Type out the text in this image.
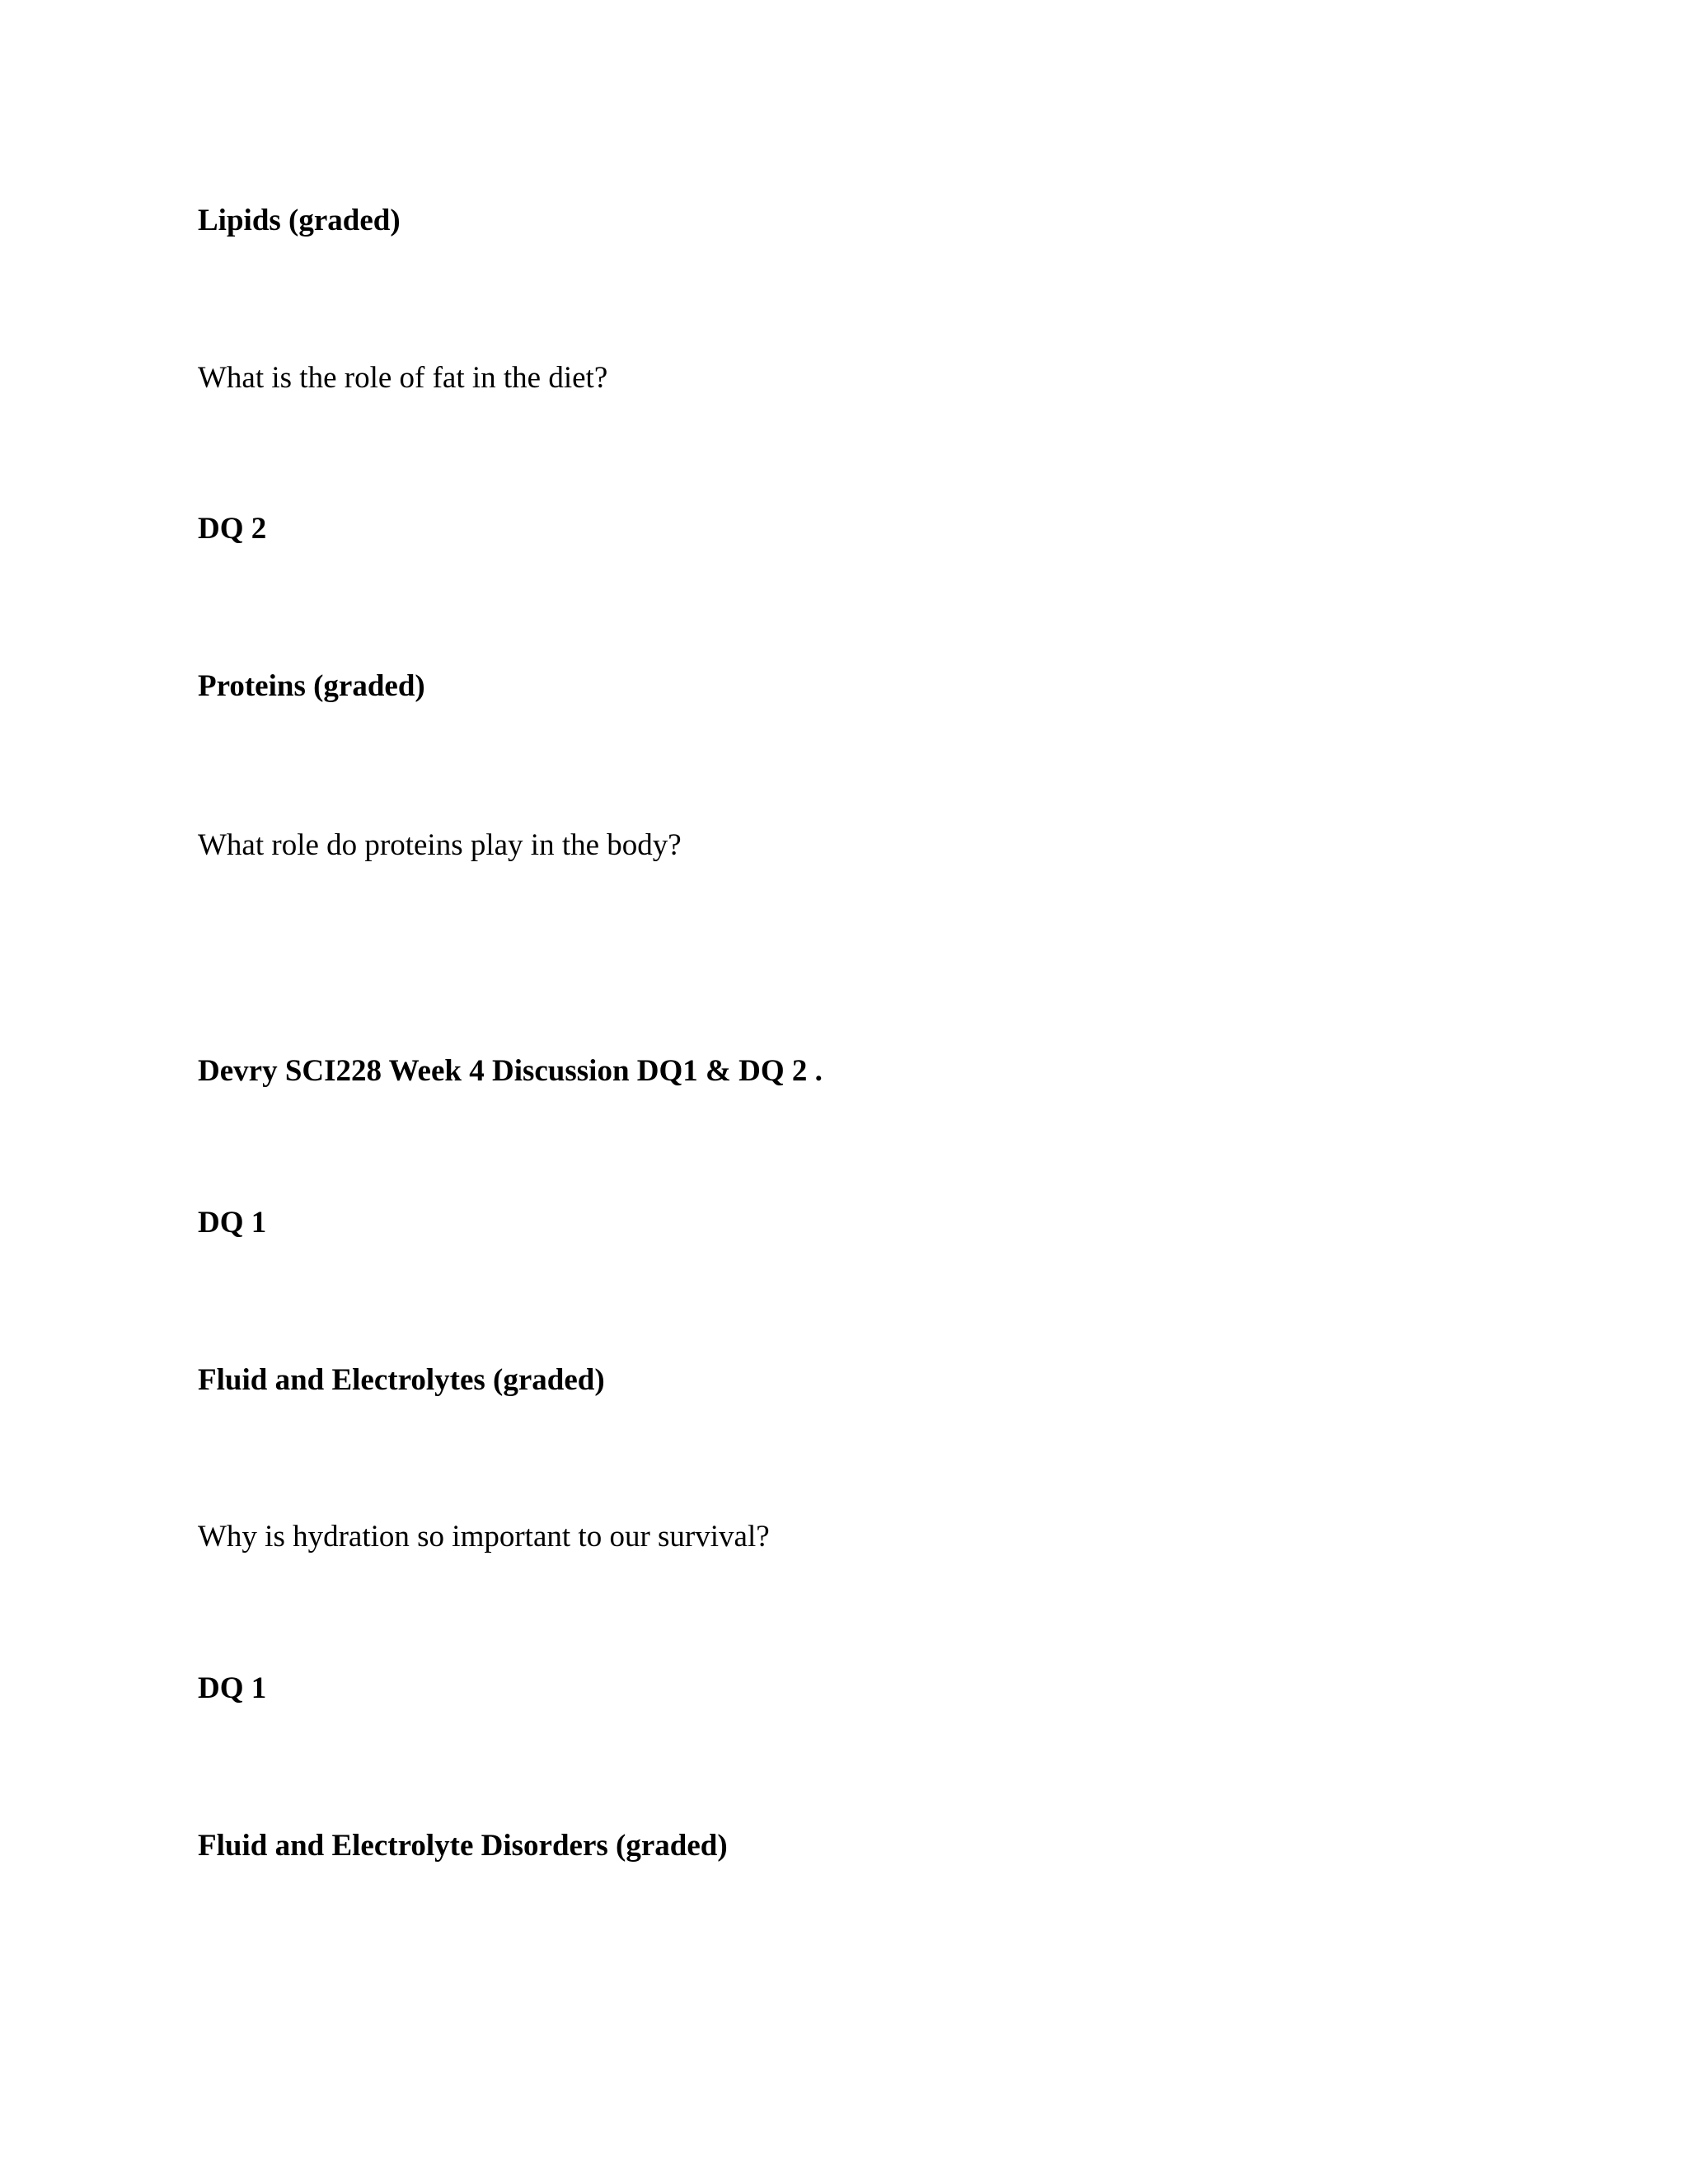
Lipids (graded)
What is the role of fat in the diet?
DQ 2
Proteins (graded)
What role do proteins play in the body?
Devry SCI228 Week 4 Discussion DQ1 & DQ 2 .
DQ 1
Fluid and Electrolytes (graded)
Why is hydration so important to our survival?
DQ 1
Fluid and Electrolyte Disorders (graded)
